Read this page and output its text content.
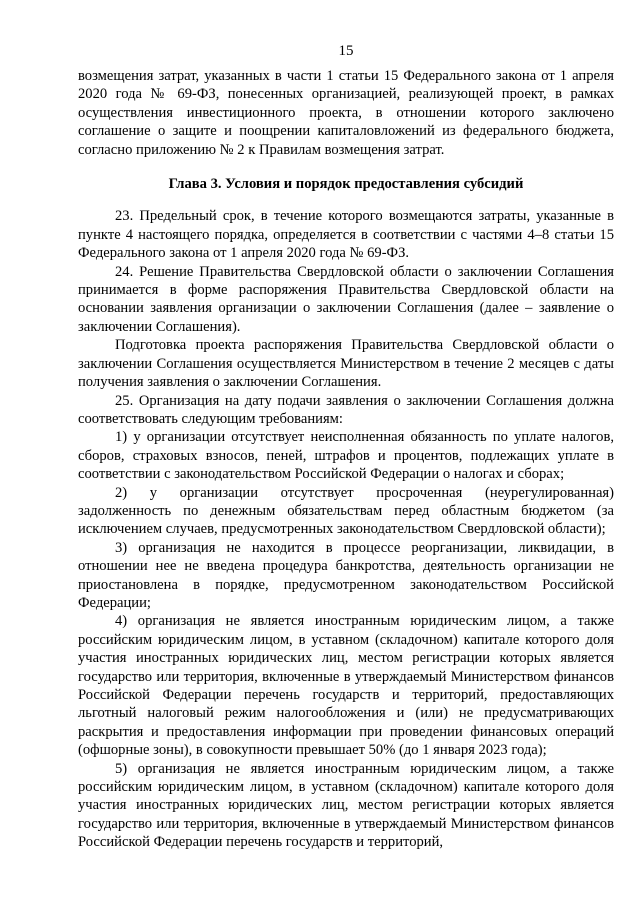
15

возмещения затрат, указанных в части 1 статьи 15 Федерального закона от 1 апреля 2020 года № 69-ФЗ, понесенных организацией, реализующей проект, в рамках осуществления инвестиционного проекта, в отношении которого заключено соглашение о защите и поощрении капиталовложений из федерального бюджета, согласно приложению № 2 к Правилам возмещения затрат.

Глава 3. Условия и порядок предоставления субсидий

23. Предельный срок, в течение которого возмещаются затраты, указанные в пункте 4 настоящего порядка, определяется в соответствии с частями 4–8 статьи 15 Федерального закона от 1 апреля 2020 года № 69-ФЗ.

24. Решение Правительства Свердловской области о заключении Соглашения принимается в форме распоряжения Правительства Свердловской области на основании заявления организации о заключении Соглашения (далее – заявление о заключении Соглашения).

Подготовка проекта распоряжения Правительства Свердловской области о заключении Соглашения осуществляется Министерством в течение 2 месяцев с даты получения заявления о заключении Соглашения.

25. Организация на дату подачи заявления о заключении Соглашения должна соответствовать следующим требованиям:

1) у организации отсутствует неисполненная обязанность по уплате налогов, сборов, страховых взносов, пеней, штрафов и процентов, подлежащих уплате в соответствии с законодательством Российской Федерации о налогах и сборах;

2) у организации отсутствует просроченная (неурегулированная) задолженность по денежным обязательствам перед областным бюджетом (за исключением случаев, предусмотренных законодательством Свердловской области);

3) организация не находится в процессе реорганизации, ликвидации, в отношении нее не введена процедура банкротства, деятельность организации не приостановлена в порядке, предусмотренном законодательством Российской Федерации;

4) организация не является иностранным юридическим лицом, а также российским юридическим лицом, в уставном (складочном) капитале которого доля участия иностранных юридических лиц, местом регистрации которых является государство или территория, включенные в утверждаемый Министерством финансов Российской Федерации перечень государств и территорий, предоставляющих льготный налоговый режим налогообложения и (или) не предусматривающих раскрытия и предоставления информации при проведении финансовых операций (офшорные зоны), в совокупности превышает 50% (до 1 января 2023 года);

5) организация не является иностранным юридическим лицом, а также российским юридическим лицом, в уставном (складочном) капитале которого доля участия иностранных юридических лиц, местом регистрации которых является государство или территория, включенные в утверждаемый Министерством финансов Российской Федерации перечень государств и территорий,
